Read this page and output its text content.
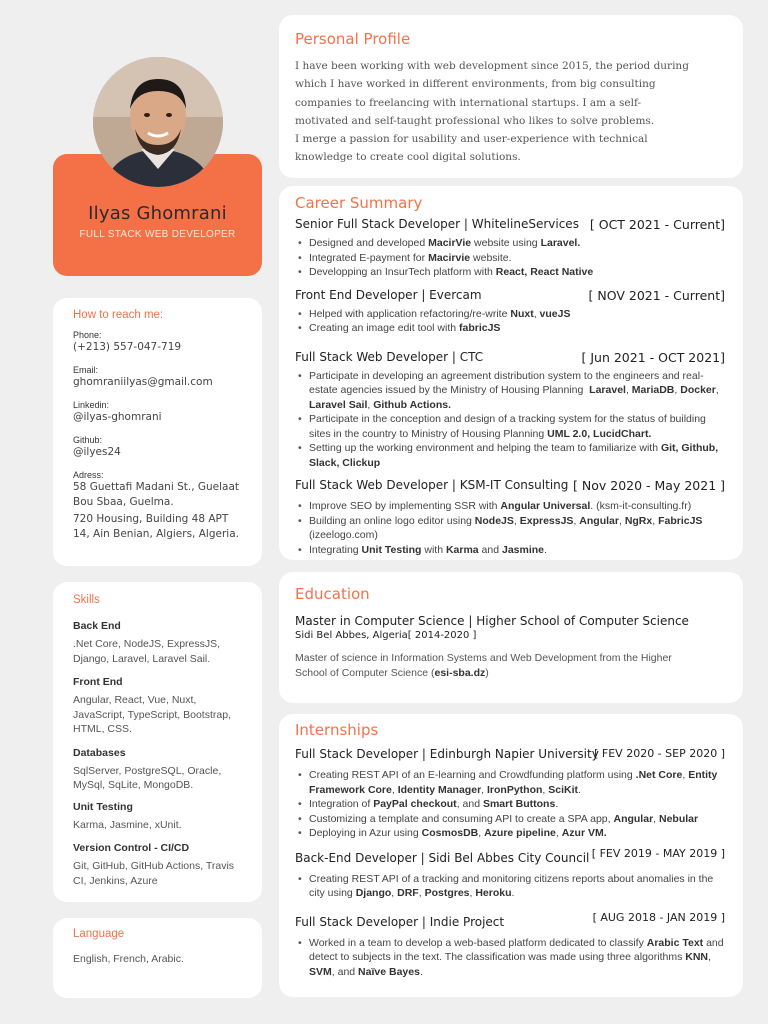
Ilyas Ghomrani
FULL STACK WEB DEVELOPER
How to reach me:
Phone:
(+213) 557-047-719
Email:
ghomraniilyas@gmail.com
Linkedin:
@ilyas-ghomrani
Github:
@ilyes24
Adress:
58 Guettafi Madani St., Guelaat Bou Sbaa, Guelma.
720 Housing, Building 48 APT 14, Ain Benian, Algiers, Algeria.
Skills
Back End
.Net Core, NodeJS, ExpressJS, Django, Laravel, Laravel Sail.
Front End
Angular, React, Vue, Nuxt, JavaScript, TypeScript, Bootstrap, HTML, CSS.
Databases
SqlServer, PostgreSQL, Oracle, MySql, SqLite, MongoDB.
Unit Testing
Karma, Jasmine, xUnit.
Version Control - CI/CD
Git, GitHub, GitHub Actions, Travis CI, Jenkins, Azure
Language
English, French, Arabic.
Personal Profile
I have been working with web development since 2015, the period during
which I have worked in different environments, from big consulting
companies to freelancing with international startups. I am a self-
motivated and self-taught professional who likes to solve problems.
I merge a passion for usability and user-experience with technical
knowledge to create cool digital solutions.
Career Summary
Senior Full Stack Developer | WhitelineServices [ OCT 2021 - Current]
• Designed and developed MacirVie website using Laravel.
• Integrated E-payment for Macirvie website.
• Developping an InsurTech platform with React, React Native
Front End Developer | Evercam	[ NOV 2021 - Current]
• Helped with application refactoring/re-write Nuxt, vueJS
• Creating an image edit tool with fabricJS
Full Stack Web Developer | CTC	[ Jun 2021 - OCT 2021]
• Participate in developing an agreement distribution system to the engineers and real-estate agencies issued by the Ministry of Housing Planning  Laravel, MariaDB, Docker, Laravel Sail, Github Actions.
• Participate in the conception and design of a tracking system for the status of building sites in the country to Ministry of Housing Planning UML 2.0, LucidChart.
• Setting up the working environment and helping the team to familiarize with Git, Github, Slack, Clickup
Full Stack Web Developer | KSM-IT Consulting [ Nov 2020 - May 2021 ]
• Improve SEO by implementing SSR with Angular Universal. (ksm-it-consulting.fr)
• Building an online logo editor using NodeJS, ExpressJS, Angular, NgRx, FabricJS (izeelogo.com)
• Integrating Unit Testing with Karma and Jasmine.
Education
Master in Computer Science | Higher School of Computer Science
Sidi Bel Abbes, Algeria[ 2014-2020 ]
Master of science in Information Systems and Web Development from the Higher
School of Computer Science (esi-sba.dz)
Internships
Full Stack Developer | Edinburgh Napier University
[ FEV 2020 - SEP 2020 ]
• Creating REST API of an E-learning and Crowdfunding platform using .Net Core, Entity Framework Core, Identity Manager, IronPython, SciKit.
• Integration of PayPal checkout, and Smart Buttons.
• Customizing a template and consuming API to create a SPA app, Angular, Nebular
• Deploying in Azur using CosmosDB, Azure pipeline, Azur VM.
Back-End Developer | Sidi Bel Abbes City Council [ FEV 2019 - MAY 2019 ]
• Creating REST API of a tracking and monitoring citizens reports about anomalies in the city using Django, DRF, Postgres, Heroku.
Full Stack Developer | Indie Project	[ AUG 2018 - JAN 2019 ]
• Worked in a team to develop a web-based platform dedicated to classify Arabic Text and detect to subjects in the text. The classification was made using three algorithms KNN, SVM, and Naïve Bayes.
